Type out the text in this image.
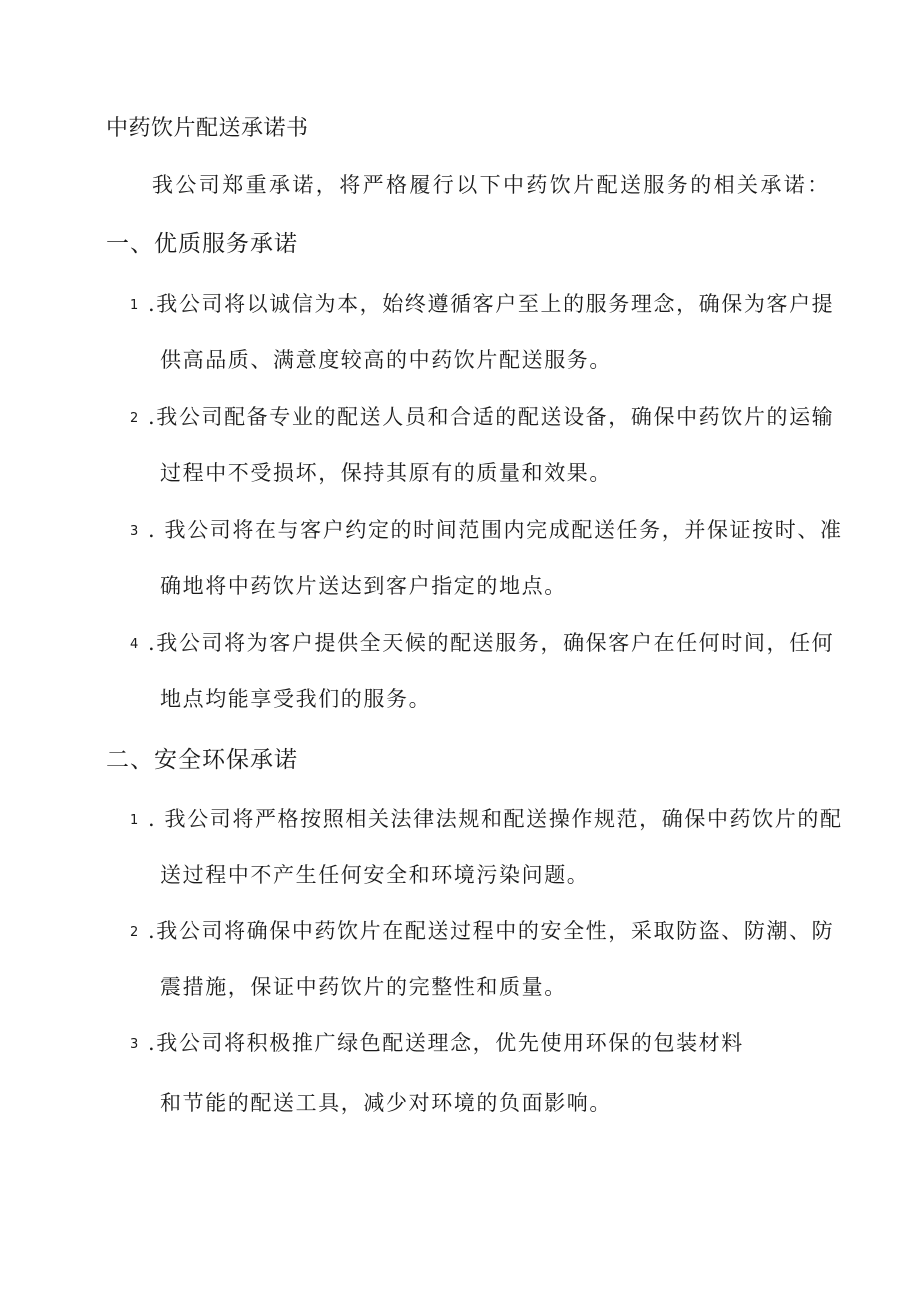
中药饮片配送承诺书
我公司郑重承诺，将严格履行以下中药饮片配送服务的相关承诺：
一、优质服务承诺
1 .我公司将以诚信为本，始终遵循客户至上的服务理念，确保为客户提
供高品质、满意度较高的中药饮片配送服务。
2 .我公司配备专业的配送人员和合适的配送设备，确保中药饮片的运输
过程中不受损坏，保持其原有的质量和效果。
3 . 我公司将在与客户约定的时间范围内完成配送任务，并保证按时、准
确地将中药饮片送达到客户指定的地点。
4 .我公司将为客户提供全天候的配送服务，确保客户在任何时间，任何
地点均能享受我们的服务。
二、安全环保承诺
1 . 我公司将严格按照相关法律法规和配送操作规范，确保中药饮片的配
送过程中不产生任何安全和环境污染问题。
2 .我公司将确保中药饮片在配送过程中的安全性，采取防盗、防潮、防
震措施，保证中药饮片的完整性和质量。
3 .我公司将积极推广绿色配送理念，优先使用环保的包装材料
和节能的配送工具，减少对环境的负面影响。
